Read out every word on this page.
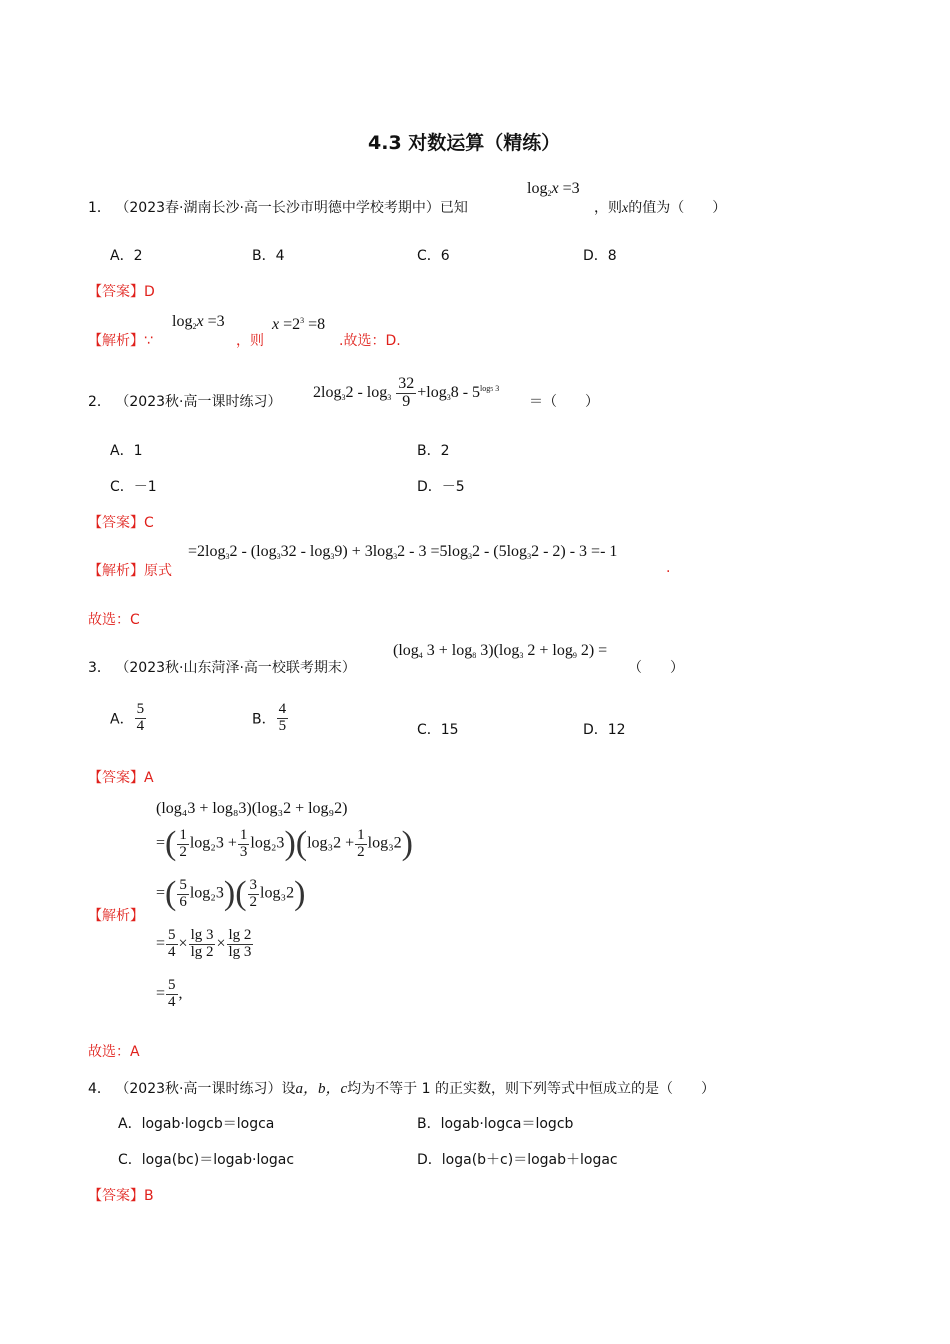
4.3 对数运算（精练）
1． （2023春·湖南长沙·高一长沙市明德中学校考期中）已知
$\log_2x =3$
，则x的值为（　　）
A．2	B．4	C．6	D．8
【答案】D
【解析】∵
$\log_2x =3$
，则
$x =2^3 =8$
.故选：D.
2． （2023秋·高一课时练习）
$2\log_32 - \log_3 \frac{32}{9} +\log_38 - 5^{log5 3}$
＝（　　）
A．1	B．2
C．－1	D．－5
【答案】C
【解析】原式
$=2\log_32 - (\log_332 - \log_39) + 3\log_32 - 3 =5\log_32 - (5\log_32 - 2) - 3 =- 1$
.
故选：C
3． （2023秋·山东菏泽·高一校联考期末）
($\log_4$ $3 + \log_8 3)(\log_3$ $2 + \log_9 2$) =
（　　）
A． $\frac{5}{4}$	B． $\frac{4}{5}$	C．15	D．12
【答案】A
【解析】
(log₄3 + log₈3)(log₃2 + log₉2)
=( $\frac{1}{2} \log_23 + \frac{1}{3} \log_23)(\log_32 + \frac{1}{2} \log_32)$
=( $\frac{5}{6} \log_23)( \frac{3}{2} \log_32)$
= $\frac{5}{4} \times \frac{\lg 3}{\lg 2} \times \frac{\lg 2}{\lg 3}$
= $\frac{5}{4}$ ,
故选：A
4． （2023秋·高一课时练习）设a，b，c均为不等于 1 的正实数，则下列等式中恒成立的是（　　）
A．logab·logcb＝logca	B．logab·logca＝logcb
C．loga(bc)＝logab·logac	D．loga(b＋c)＝logab＋logac
【答案】B
